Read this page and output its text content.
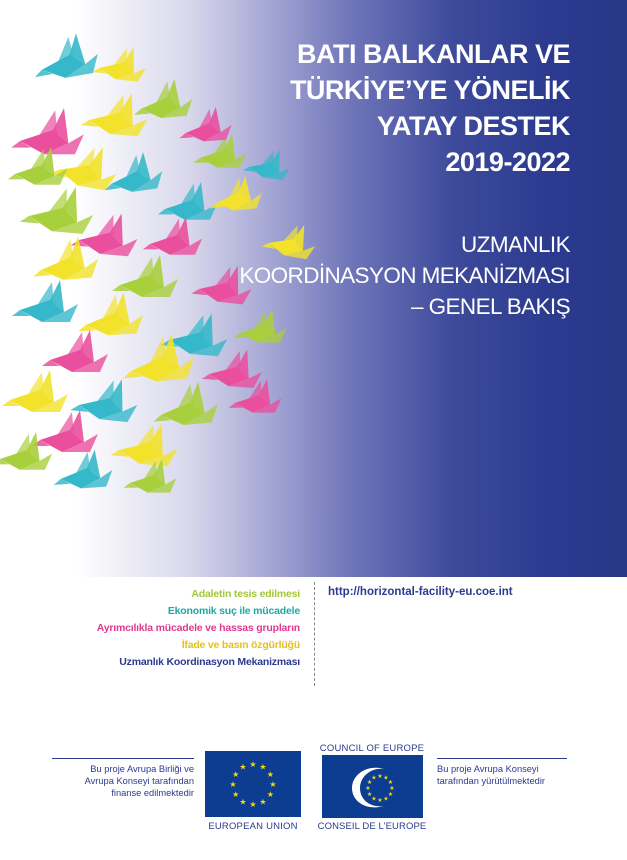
BATI BALKANLAR VE
TÜRKİYE’YE YÖNELİK
YATAY DESTEK
2019-2022
UZMANLIK
KOORDİNASYON MEKANİZMASI
– GENEL BAKIŞ
Adaletin tesis edilmesi
Ekonomik suç ile mücadele
Ayrımcılıkla mücadele ve hassas grupların
İfade ve basın özgürlüğü
Uzmanlık Koordinasyon Mekanizması
http://horizontal-facility-eu.coe.int
Bu proje Avrupa Birliği ve
Avrupa Konseyi tarafından
finanse edilmektedir
★ ★
★
★
★
★
★
★
★
★
★
★
EUROPEAN UNION
COUNCIL OF EUROPE
★ ★
★
★
★
★
★
★
★
★
★
★
CONSEIL DE L’EUROPE
Bu proje Avrupa Konseyi
tarafından yürütülmektedir
